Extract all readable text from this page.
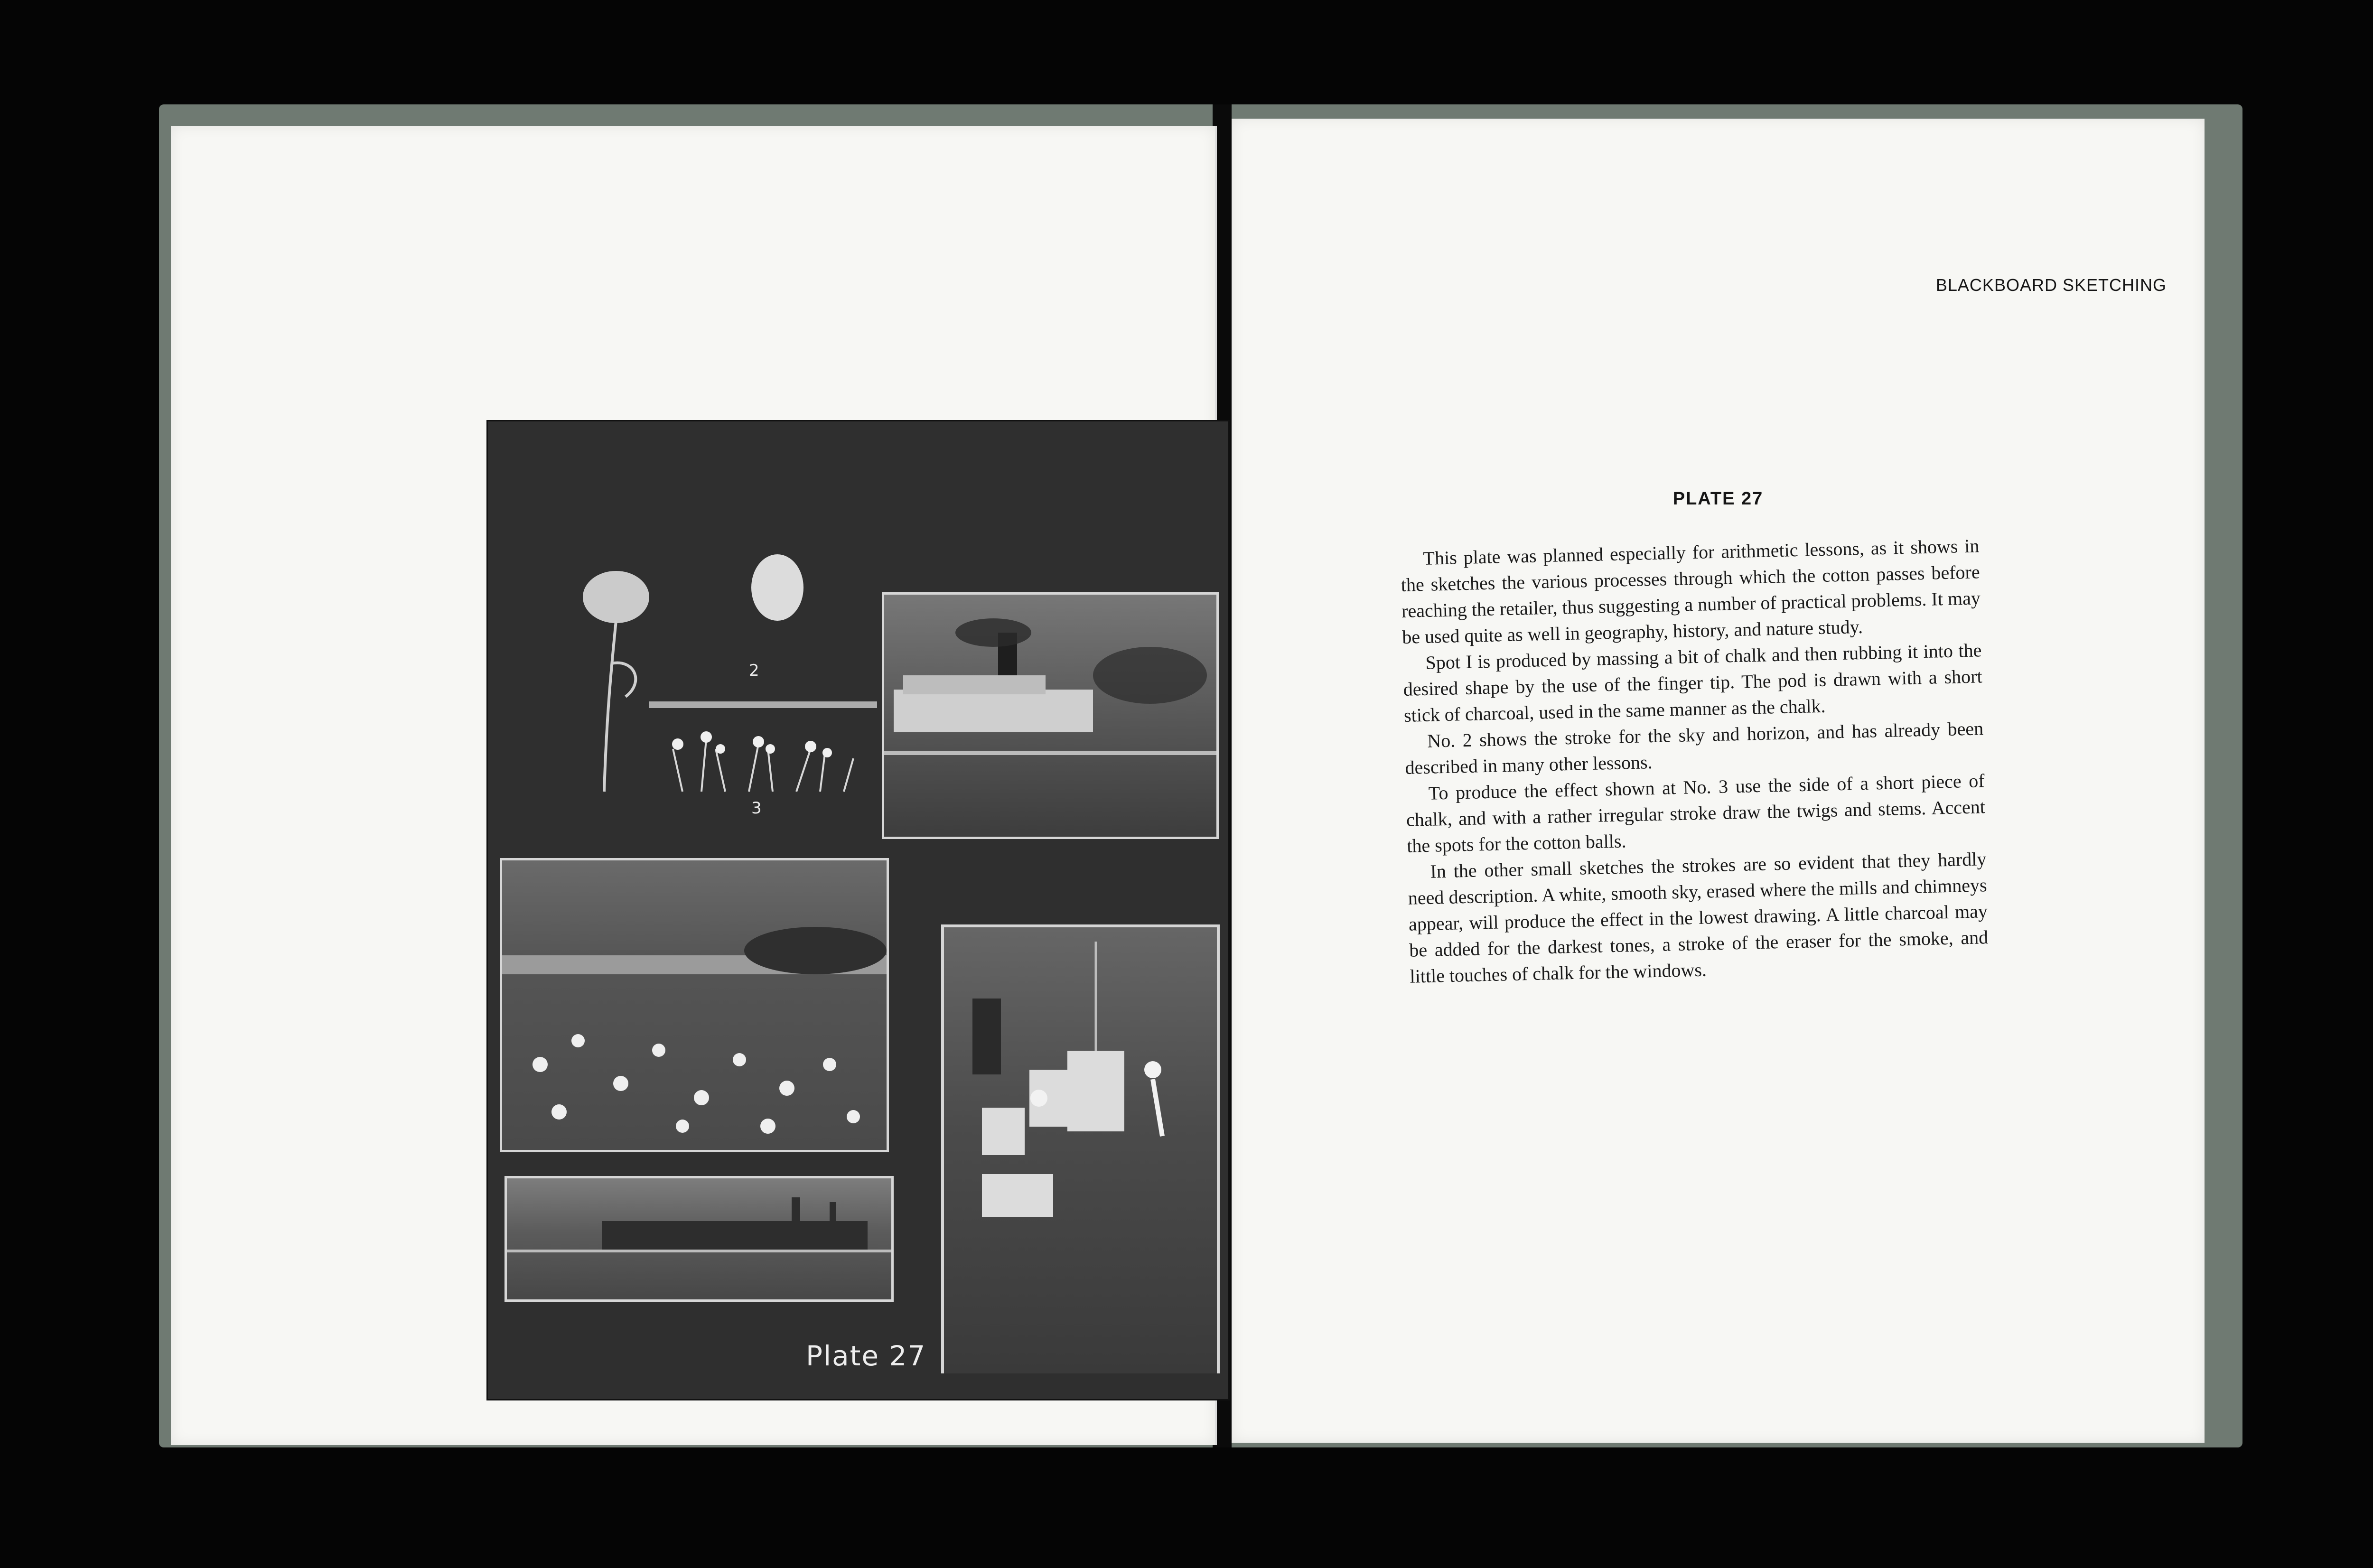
2
3
Plate 27
BLACKBOARD SKETCHING
PLATE 27

This plate was planned especially for arithmetic lessons, as it shows in the sketches the various processes through which the cotton passes before reaching the retailer, thus suggesting a number of practical problems. It may be used quite as well in geography, history, and nature study.

Spot I is produced by massing a bit of chalk and then rubbing it into the desired shape by the use of the finger tip. The pod is drawn with a short stick of charcoal, used in the same manner as the chalk.

No. 2 shows the stroke for the sky and horizon, and has already been described in many other lessons.

To produce the effect shown at No. 3 use the side of a short piece of chalk, and with a rather irregular stroke draw the twigs and stems. Accent the spots for the cotton balls.

In the other small sketches the strokes are so evident that they hardly need description. A white, smooth sky, erased where the mills and chimneys appear, will produce the effect in the lowest drawing. A little charcoal may be added for the darkest tones, a stroke of the eraser for the smoke, and little touches of chalk for the windows.
